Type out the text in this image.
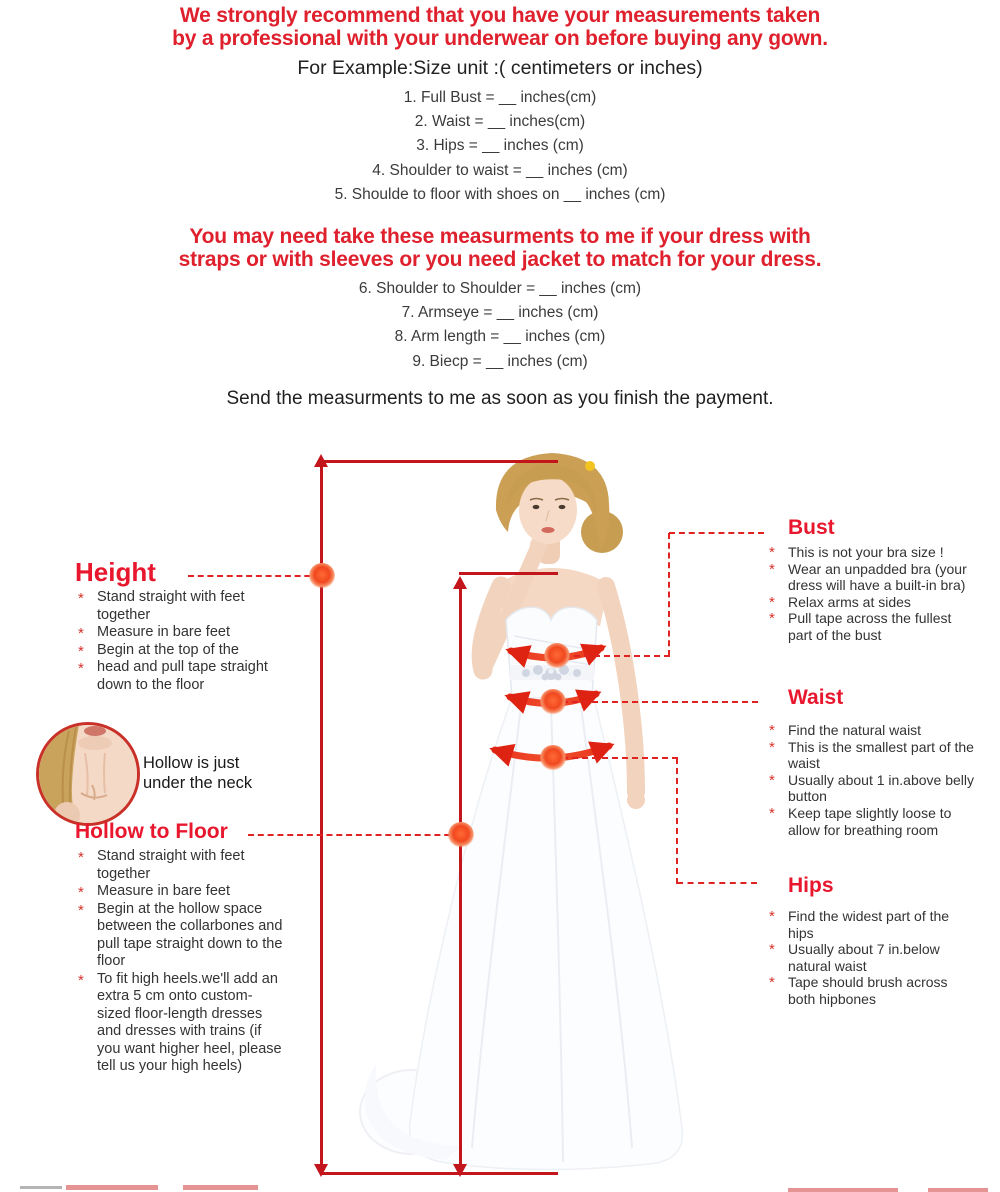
We strongly recommend that you have your measurements taken
by a professional with your underwear on before buying any gown.
For Example:Size unit :( centimeters or inches)
1. Full Bust = __ inches(cm)
2. Waist = __ inches(cm)
3. Hips = __ inches (cm)
4. Shoulder to waist = __ inches (cm)
5. Shoulde to floor with shoes on __ inches (cm)
You may need take these measurments to me if your dress with
straps or with sleeves or you need jacket to match for your dress.
6. Shoulder to Shoulder = __ inches (cm)
7. Armseye = __ inches (cm)
8. Arm length = __ inches (cm)
9. Biecp = __ inches (cm)
Send the measurments to me as soon as you finish the payment.
Height
* Stand straight with feet together
* Measure in bare feet
* Begin at the top of the
* head and pull tape straight down to the floor
Hollow is just under the neck
Hollow to Floor
* Stand straight with feet together
* Measure in bare feet
* Begin at the hollow space between the collarbones and pull tape straight down to the floor
* To fit high heels.we'll add an extra 5 cm onto custom-sized floor-length dresses and dresses with trains (if you want higher heel, please tell us your high heels)
Bust
* This is not your bra size !
* Wear an unpadded bra (your dress will have a built-in bra)
* Relax arms at sides
* Pull tape across the fullest part of the bust
Waist
* Find the natural waist
* This is the smallest part of the waist
* Usually about 1 in.above belly button
* Keep tape slightly loose to allow for breathing room
Hips
* Find the widest part of the hips
* Usually about 7 in.below natural waist
* Tape should brush across both hipbones
